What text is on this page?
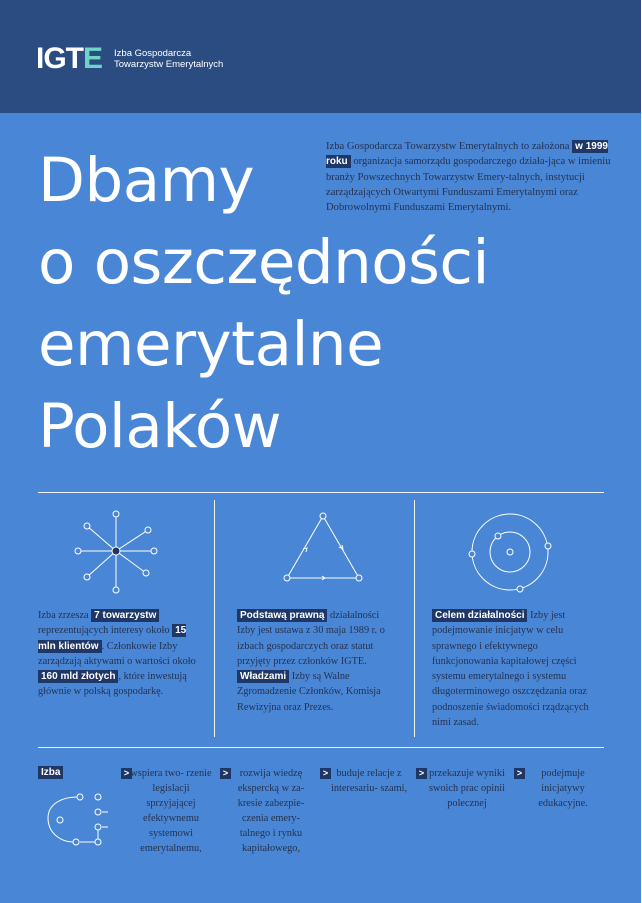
IGTE Izba Gospodarcza
Towarzystw Emerytalnych
Izba Gospodarcza Towarzystw Emerytalnych to założona w 1999 roku organizacja samorządu gospodarczego działa-jąca w imieniu branży Powszechnych Towarzystw Emery-talnych, instytucji zarządzających Otwartymi Funduszami Emerytalnymi oraz Dobrowolnymi Funduszami Emerytalnymi.
Dbamy
o oszczędności
emerytalne
Polaków
Izba zrzesza 7 towarzystw reprezentujących interesy około 15 mln klientów . Członkowie Izby zarządzają aktywami o wartości około 160 mld złotych , które inwestują głównie w polską gospodarkę.
Podstawą prawną działalności Izby jest ustawa z 30 maja 1989 r. o izbach gospodarczych oraz statut przyjęty przez członków IGTE. Władzami Izby są Walne Zgromadzenie Członków, Komisja Rewizyjna oraz Prezes.
Celem działalności Izby jest podejmowanie inicjatyw w celu sprawnego i efektywnego funkcjonowania kapitałowej części systemu emerytalnego i systemu długoterminowego oszczędzania oraz podnoszenie świadomości rządzących nimi zasad.
Izba	> wspiera two- rzenie legislacji sprzyjającej efektywnemu systemowi emerytalnemu,
>	rozwija wiedzę ekspercką w za- kresie zabezpie- czenia emery- talnego i rynku kapitałowego,
> buduje relacje z interesariu- szami,
> przekazuje wyniki swoich prac opinii polecznej
>	podejmuje inicjatywy edukacyjne.
